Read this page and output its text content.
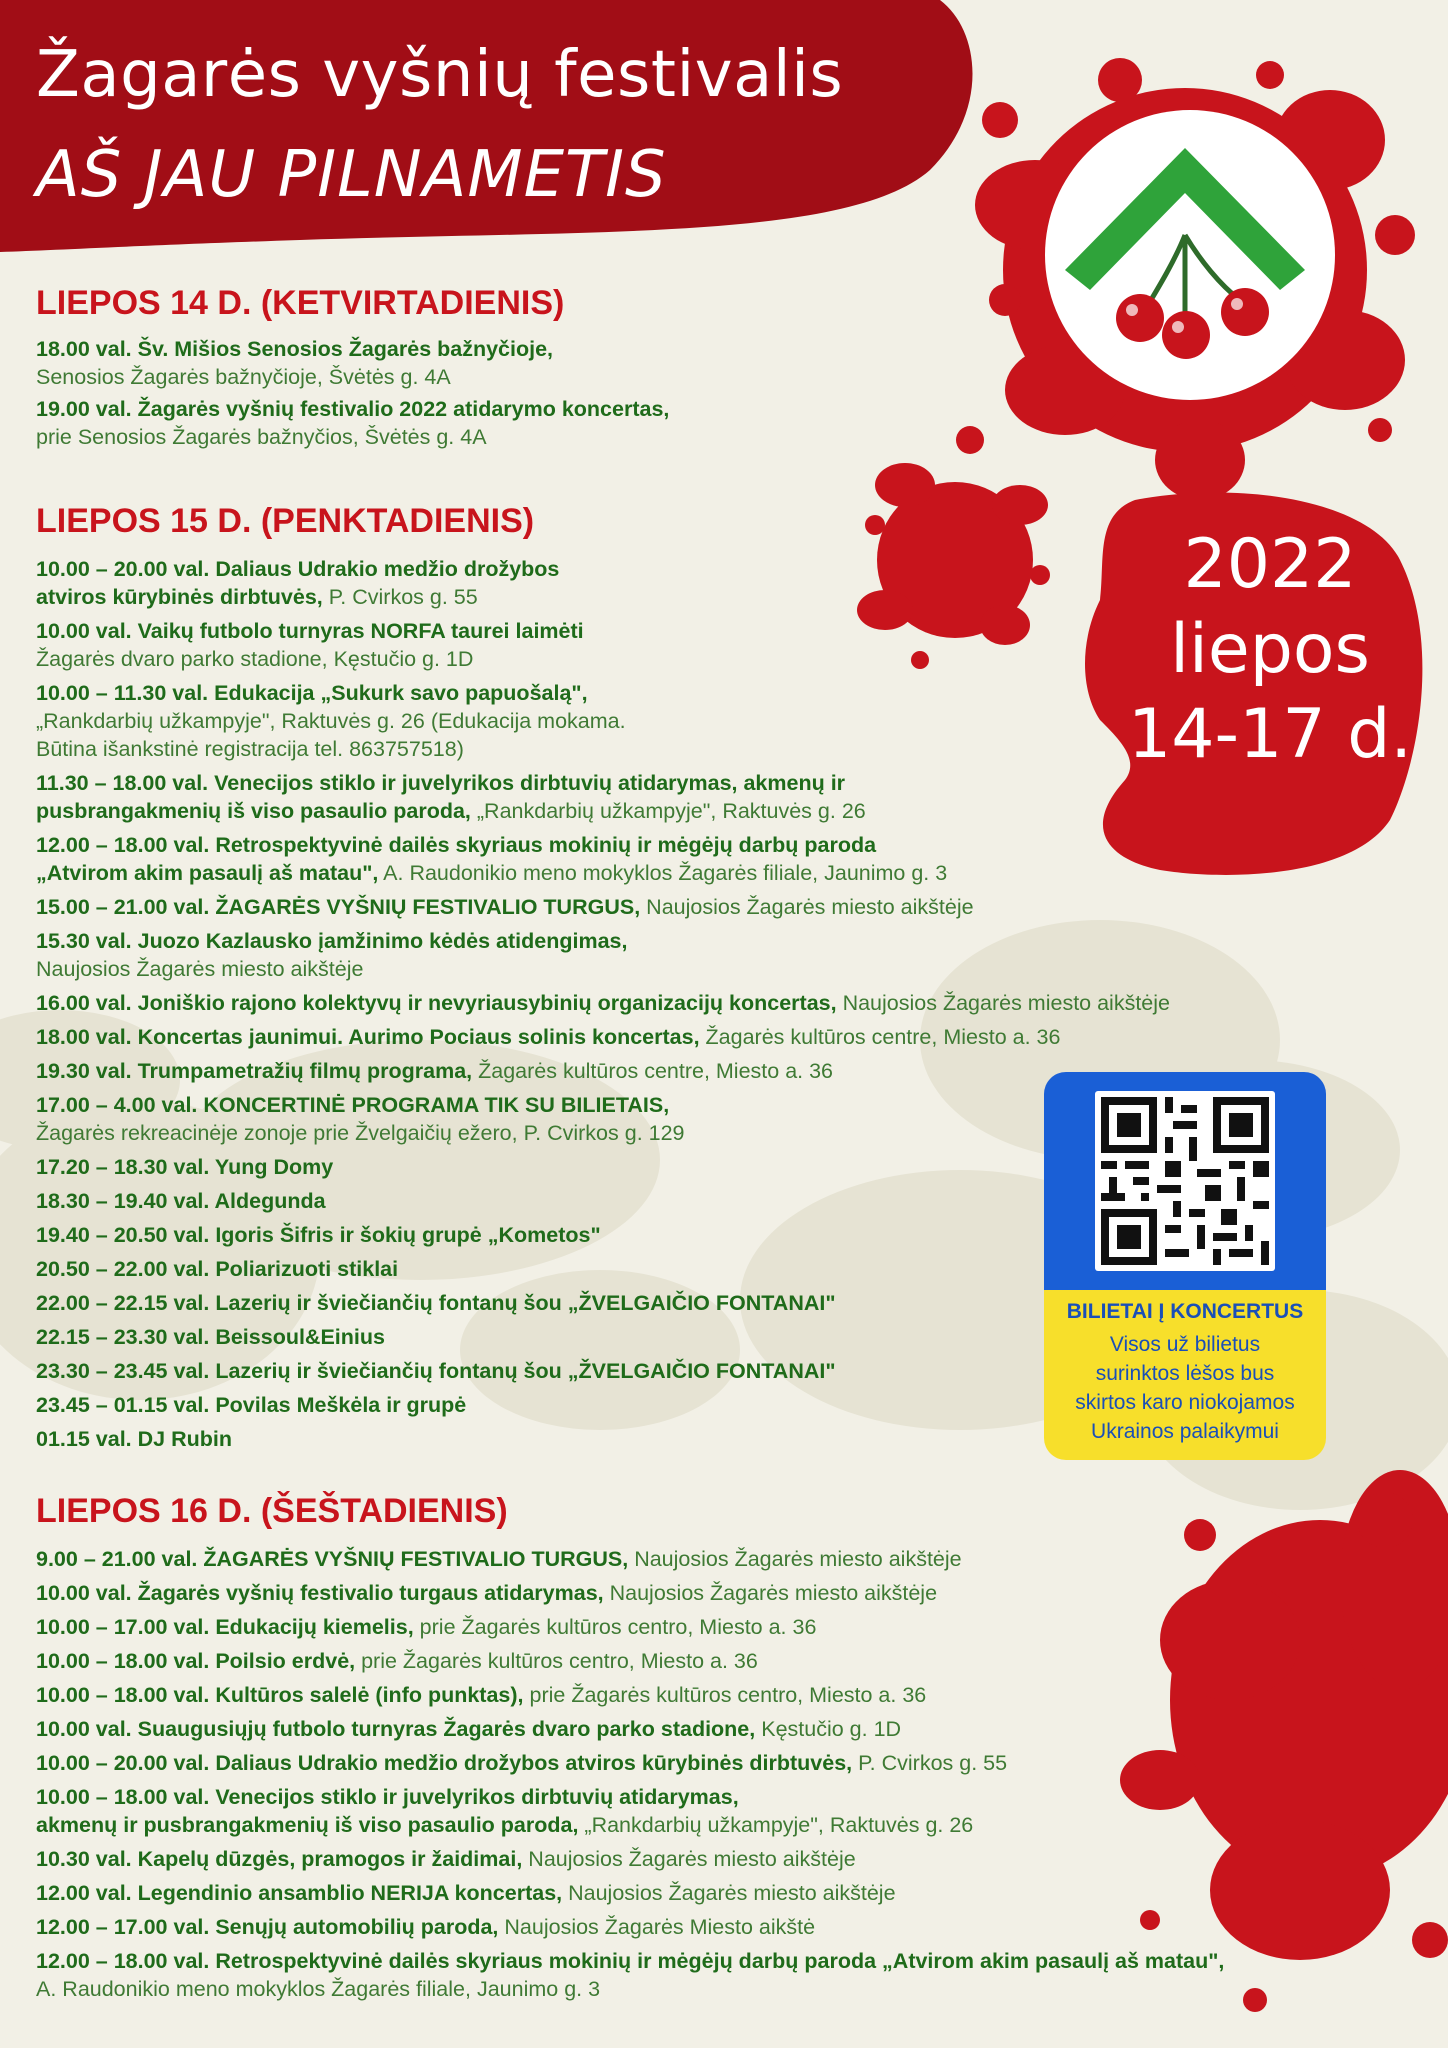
Žagarės vyšnių festivalis
AŠ JAU PILNAMETIS
2022
liepos
14-17 d.
LIEPOS 14 D. (KETVIRTADIENIS)
18.00 val. Šv. Mišios Senosios Žagarės bažnyčioje,
Senosios Žagarės bažnyčioje, Švėtės g. 4A
19.00 val. Žagarės vyšnių festivalio 2022 atidarymo koncertas,
prie Senosios Žagarės bažnyčios, Švėtės g. 4A
LIEPOS 15 D. (PENKTADIENIS)
10.00 – 20.00 val. Daliaus Udrakio medžio drožybos
atviros kūrybinės dirbtuvės, P. Cvirkos g. 55
10.00 val. Vaikų futbolo turnyras NORFA taurei laimėti
Žagarės dvaro parko stadione, Kęstučio g. 1D
10.00 – 11.30 val. Edukacija „Sukurk savo papuošalą",
„Rankdarbių užkampyje", Raktuvės g. 26 (Edukacija mokama.
Būtina išankstinė registracija tel. 863757518)
11.30 – 18.00 val. Venecijos stiklo ir juvelyrikos dirbtuvių atidarymas, akmenų ir
pusbrangakmenių iš viso pasaulio paroda, „Rankdarbių užkampyje", Raktuvės g. 26
12.00 – 18.00 val. Retrospektyvinė dailės skyriaus mokinių ir mėgėjų darbų paroda
„Atvirom akim pasaulį aš matau", A. Raudonikio meno mokyklos Žagarės filiale, Jaunimo g. 3
15.00 – 21.00 val. ŽAGARĖS VYŠNIŲ FESTIVALIO TURGUS, Naujosios Žagarės miesto aikštėje
15.30 val. Juozo Kazlausko įamžinimo kėdės atidengimas,
Naujosios Žagarės miesto aikštėje
16.00 val. Joniškio rajono kolektyvų ir nevyriausybinių organizacijų koncertas, Naujosios Žagarės miesto aikštėje
18.00 val. Koncertas jaunimui. Aurimo Pociaus solinis koncertas, Žagarės kultūros centre, Miesto a. 36
19.30 val. Trumpametražių filmų programa, Žagarės kultūros centre, Miesto a. 36
17.00 – 4.00 val. KONCERTINĖ PROGRAMA TIK SU BILIETAIS,
Žagarės rekreacinėje zonoje prie Žvelgaičių ežero, P. Cvirkos g. 129
17.20 – 18.30 val. Yung Domy
18.30 – 19.40 val. Aldegunda
19.40 – 20.50 val. Igoris Šifris ir šokių grupė „Kometos"
20.50 – 22.00 val. Poliarizuoti stiklai
22.00 – 22.15 val. Lazerių ir šviečiančių fontanų šou „ŽVELGAIČIO FONTANAI"
22.15 – 23.30 val. Beissoul&Einius
23.30 – 23.45 val. Lazerių ir šviečiančių fontanų šou „ŽVELGAIČIO FONTANAI"
23.45 – 01.15 val. Povilas Meškėla ir grupė
01.15 val. DJ Rubin
LIEPOS 16 D. (ŠEŠTADIENIS)
9.00 – 21.00 val. ŽAGARĖS VYŠNIŲ FESTIVALIO TURGUS, Naujosios Žagarės miesto aikštėje
10.00 val. Žagarės vyšnių festivalio turgaus atidarymas, Naujosios Žagarės miesto aikštėje
10.00 – 17.00 val. Edukacijų kiemelis, prie Žagarės kultūros centro, Miesto a. 36
10.00 – 18.00 val. Poilsio erdvė, prie Žagarės kultūros centro, Miesto a. 36
10.00 – 18.00 val. Kultūros salelė (info punktas), prie Žagarės kultūros centro, Miesto a. 36
10.00 val. Suaugusiųjų futbolo turnyras Žagarės dvaro parko stadione, Kęstučio g. 1D
10.00 – 20.00 val. Daliaus Udrakio medžio drožybos atviros kūrybinės dirbtuvės, P. Cvirkos g. 55
10.00 – 18.00 val. Venecijos stiklo ir juvelyrikos dirbtuvių atidarymas,
akmenų ir pusbrangakmenių iš viso pasaulio paroda, „Rankdarbių užkampyje", Raktuvės g. 26
10.30 val. Kapelų dūzgės, pramogos ir žaidimai, Naujosios Žagarės miesto aikštėje
12.00 val. Legendinio ansamblio NERIJA koncertas, Naujosios Žagarės miesto aikštėje
12.00 – 17.00 val. Senųjų automobilių paroda, Naujosios Žagarės Miesto aikštė
12.00 – 18.00 val. Retrospektyvinė dailės skyriaus mokinių ir mėgėjų darbų paroda „Atvirom akim pasaulį aš matau",
A. Raudonikio meno mokyklos Žagarės filiale, Jaunimo g. 3
BILIETAI Į KONCERTUS
Visos už bilietus
surinktos lėšos bus
skirtos karo niokojamos
Ukrainos palaikymui
